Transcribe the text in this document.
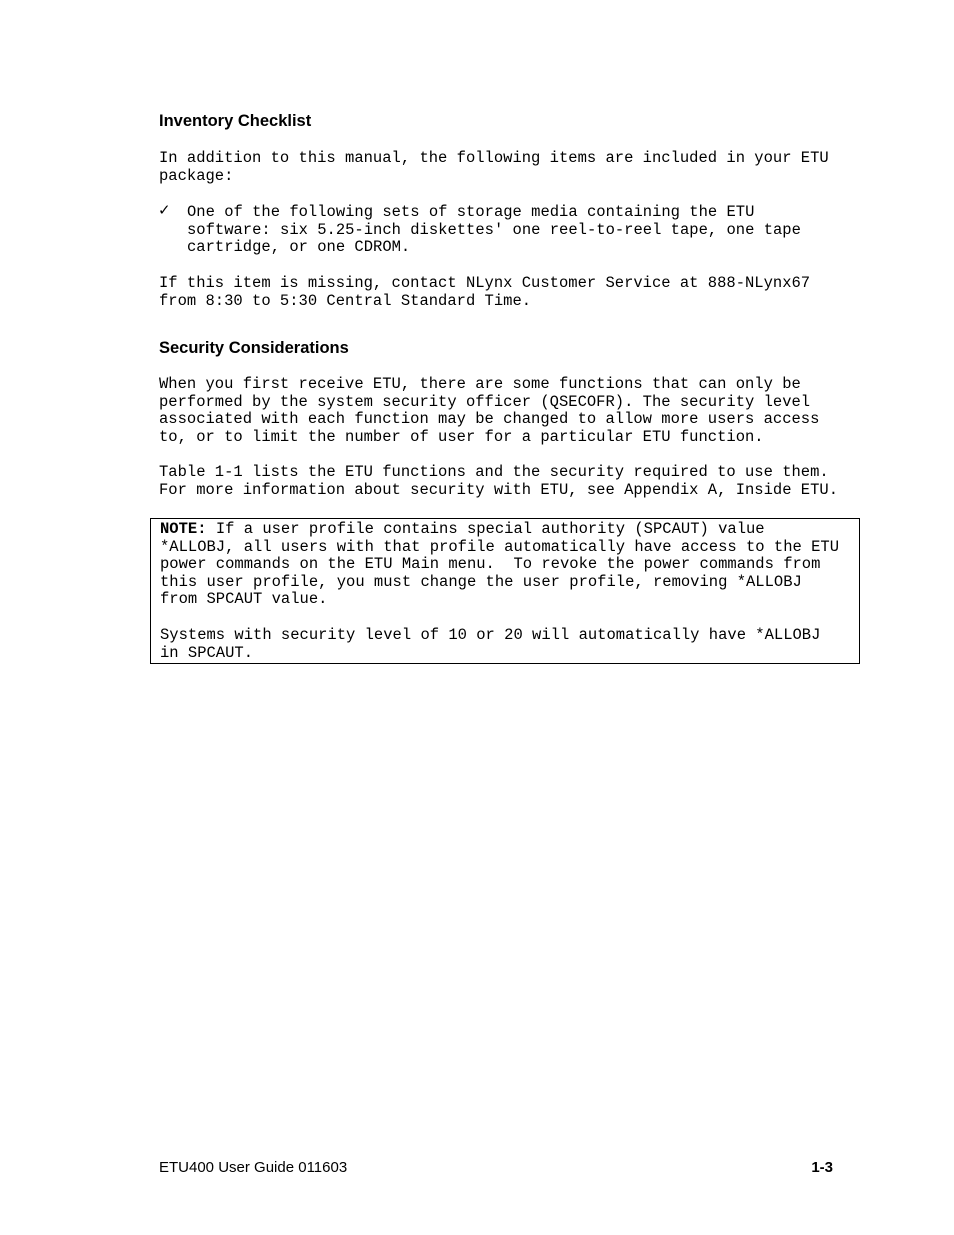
Inventory Checklist

In addition to this manual, the following items are included in your ETU
package:

✓ One of the following sets of storage media containing the ETU
software: six 5.25-inch diskettes' one reel-to-reel tape, one tape
cartridge, or one CDROM.

If this item is missing, contact NLynx Customer Service at 888-NLynx67
from 8:30 to 5:30 Central Standard Time.

Security Considerations

When you first receive ETU, there are some functions that can only be
performed by the system security officer (QSECOFR). The security level
associated with each function may be changed to allow more users access
to, or to limit the number of user for a particular ETU function.

Table 1-1 lists the ETU functions and the security required to use them.
For more information about security with ETU, see Appendix A, Inside ETU.

NOTE: If a user profile contains special authority (SPCAUT) value
*ALLOBJ, all users with that profile automatically have access to the ETU
power commands on the ETU Main menu.  To revoke the power commands from
this user profile, you must change the user profile, removing *ALLOBJ
from SPCAUT value.

Systems with security level of 10 or 20 will automatically have *ALLOBJ
in SPCAUT.

ETU400 User Guide 011603	1-3
